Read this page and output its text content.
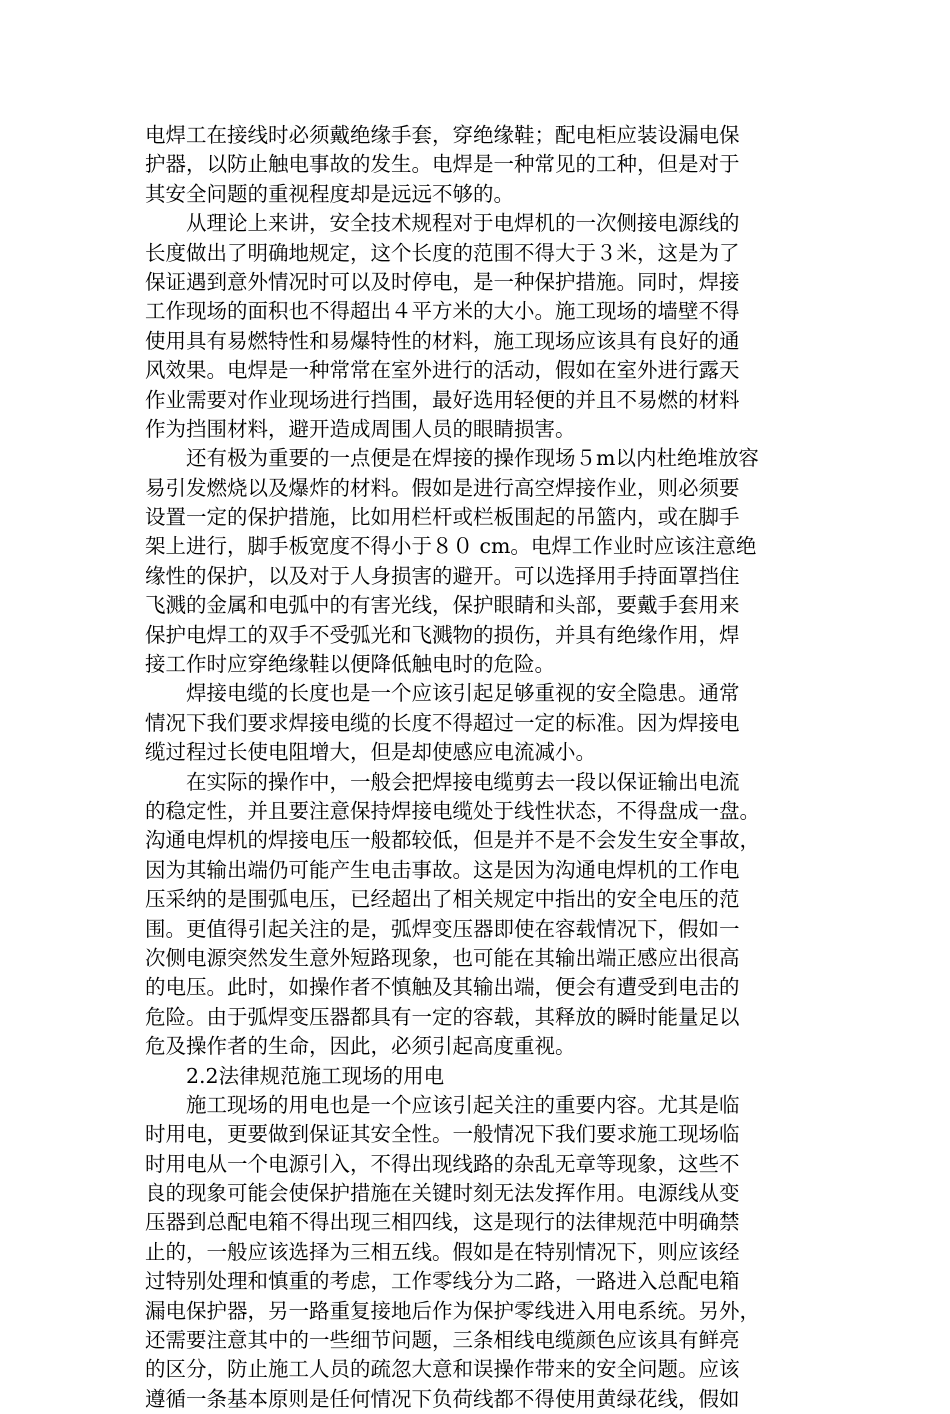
电焊工在接线时必须戴绝缘手套，穿绝缘鞋；配电柜应装设漏电保
护器，以防止触电事故的发生。电焊是一种常见的工种，但是对于
其安全问题的重视程度却是远远不够的。
　　从理论上来讲，安全技术规程对于电焊机的一次侧接电源线的
长度做出了明确地规定，这个长度的范围不得大于３米，这是为了
保证遇到意外情况时可以及时停电，是一种保护措施。同时，焊接
工作现场的面积也不得超出４平方米的大小。施工现场的墙壁不得
使用具有易燃特性和易爆特性的材料，施工现场应该具有良好的通
风效果。电焊是一种常常在室外进行的活动，假如在室外进行露天
作业需要对作业现场进行挡围，最好选用轻便的并且不易燃的材料
作为挡围材料，避开造成周围人员的眼睛损害。
　　还有极为重要的一点便是在焊接的操作现场５m以内杜绝堆放容
易引发燃烧以及爆炸的材料。假如是进行高空焊接作业，则必须要
设置一定的保护措施，比如用栏杆或栏板围起的吊篮内，或在脚手
架上进行，脚手板宽度不得小于８０ cm。电焊工作业时应该注意绝
缘性的保护，以及对于人身损害的避开。可以选择用手持面罩挡住
飞溅的金属和电弧中的有害光线，保护眼睛和头部，要戴手套用来
保护电焊工的双手不受弧光和飞溅物的损伤，并具有绝缘作用，焊
接工作时应穿绝缘鞋以便降低触电时的危险。
　　焊接电缆的长度也是一个应该引起足够重视的安全隐患。通常
情况下我们要求焊接电缆的长度不得超过一定的标准。因为焊接电
缆过程过长使电阻增大，但是却使感应电流减小。
　　在实际的操作中，一般会把焊接电缆剪去一段以保证输出电流
的稳定性，并且要注意保持焊接电缆处于线性状态，不得盘成一盘。
沟通电焊机的焊接电压一般都较低，但是并不是不会发生安全事故，
因为其输出端仍可能产生电击事故。这是因为沟通电焊机的工作电
压采纳的是围弧电压，已经超出了相关规定中指出的安全电压的范
围。更值得引起关注的是，弧焊变压器即使在容载情况下，假如一
次侧电源突然发生意外短路现象，也可能在其输出端正感应出很高
的电压。此时，如操作者不慎触及其输出端，便会有遭受到电击的
危险。由于弧焊变压器都具有一定的容载，其释放的瞬时能量足以
危及操作者的生命，因此，必须引起高度重视。
　　2.2法律规范施工现场的用电
　　施工现场的用电也是一个应该引起关注的重要内容。尤其是临
时用电，更要做到保证其安全性。一般情况下我们要求施工现场临
时用电从一个电源引入，不得出现线路的杂乱无章等现象，这些不
良的现象可能会使保护措施在关键时刻无法发挥作用。电源线从变
压器到总配电箱不得出现三相四线，这是现行的法律规范中明确禁
止的，一般应该选择为三相五线。假如是在特别情况下，则应该经
过特别处理和慎重的考虑，工作零线分为二路，一路进入总配电箱
漏电保护器，另一路重复接地后作为保护零线进入用电系统。另外，
还需要注意其中的一些细节问题，三条相线电缆颜色应该具有鲜亮
的区分，防止施工人员的疏忽大意和误操作带来的安全问题。应该
遵循一条基本原则是任何情况下负荷线都不得使用黄绿花线，假如
